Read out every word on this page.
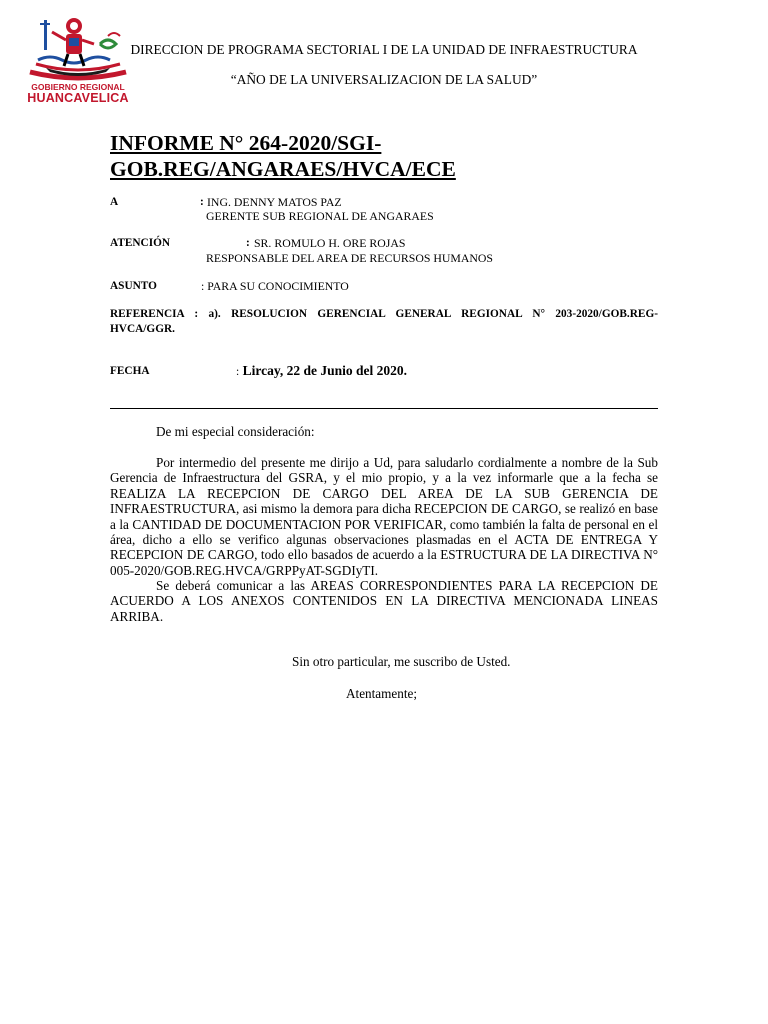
GOBIERNO REGIONAL
HUANCAVELICA
DIRECCION DE PROGRAMA SECTORIAL I DE LA UNIDAD DE INFRAESTRUCTURA
“AÑO DE LA UNIVERSALIZACION DE LA SALUD”
INFORME N° 264-2020/SGI-
GOB.REG/ANGARAES/HVCA/ECE
A	: ING. DENNY MATOS PAZ
GERENTE SUB REGIONAL DE ANGARAES
ATENCIÓN	: SR. ROMULO H. ORE ROJAS
RESPONSABLE DEL AREA DE RECURSOS HUMANOS
ASUNTO	: PARA SU CONOCIMIENTO
REFERENCIA : a). RESOLUCION GERENCIAL GENERAL REGIONAL N° 203-2020/GOB.REG-HVCA/GGR.
FECHA	: Lircay, 22 de Junio del 2020.
De mi especial consideración:
Por intermedio del presente me dirijo a Ud, para saludarlo cordialmente a nombre de la Sub Gerencia de Infraestructura del GSRA, y el mio propio, y a la vez informarle que a la fecha se REALIZA LA RECEPCION DE CARGO DEL AREA DE LA SUB GERENCIA DE INFRAESTRUCTURA, asi mismo la demora para dicha RECEPCION DE CARGO, se realizó en base a la CANTIDAD DE DOCUMENTACION POR VERIFICAR, como también la falta de personal en el área, dicho a ello se verifico algunas observaciones plasmadas en el ACTA DE ENTREGA Y RECEPCION DE CARGO, todo ello basados de acuerdo a la ESTRUCTURA DE LA DIRECTIVA N° 005-2020/GOB.REG.HVCA/GRPPyAT-SGDIyTI.
Se deberá comunicar a las AREAS CORRESPONDIENTES PARA LA RECEPCION DE ACUERDO A LOS ANEXOS CONTENIDOS EN LA DIRECTIVA MENCIONADA LINEAS ARRIBA.
Sin otro particular, me suscribo de Usted.
Atentamente;
